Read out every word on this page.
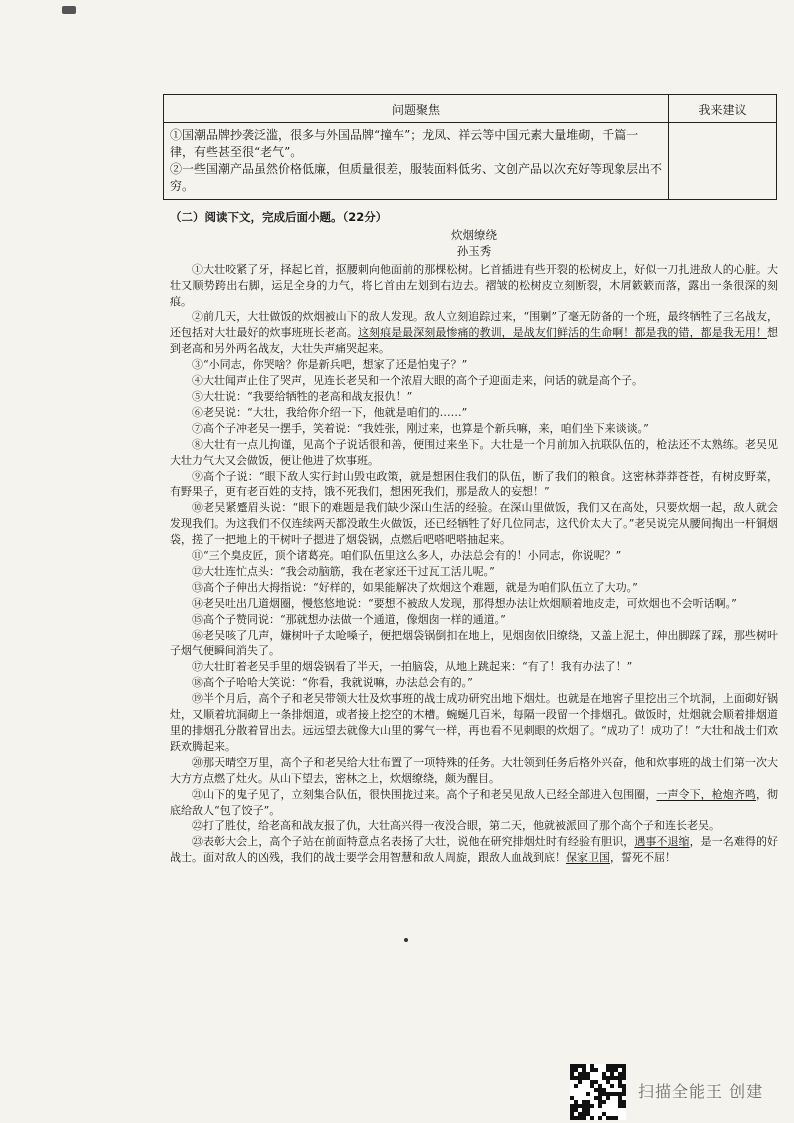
问题聚焦	我来建议

①国潮品牌抄袭泛滥，很多与外国品牌“撞车”；龙凤、祥云等中国元素大量堆砌，千篇一律，有些甚至很“老气”。
②一些国潮产品虽然价格低廉，但质量很差，服装面料低劣、文创产品以次充好等现象层出不穷。	

（二）阅读下文，完成后面小题。（22分）

炊烟缭绕

孙玉秀

①大壮咬紧了牙，择起匕首，抠腰刺向他面前的那棵松树。匕首插进有些开裂的松树皮上，好似一刀扎进敌人的心脏。大壮又顺势跨出右脚，运足全身的力气，将匕首由左划到右边去。褶皱的松树皮立刻断裂，木屑簌簌而落，露出一条很深的刻痕。

②前几天，大壮做饭的炊烟被山下的敌人发现。敌人立刻追踪过来，“围剿”了毫无防备的一个班，最终牺牲了三名战友，还包括对大壮最好的炊事班班长老高。这刻痕是最深刻最惨痛的教训，是战友们鲜活的生命啊！都是我的错，都是我无用！想到老高和另外两名战友，大壮失声痛哭起来。

③“小同志，你哭啥？你是新兵吧，想家了还是怕鬼子？”

④大壮闻声止住了哭声，见连长老吴和一个浓眉大眼的高个子迎面走来，问话的就是高个子。

⑤大壮说：“我要给牺牲的老高和战友报仇！”

⑥老吴说：“大壮，我给你介绍一下，他就是咱们的……”

⑦高个子冲老吴一摆手，笑着说：“我姓张，刚过来，也算是个新兵嘛，来，咱们坐下来谈谈。”

⑧大壮有一点儿拘谨，见高个子说话很和善，便围过来坐下。大壮是一个月前加入抗联队伍的，枪法还不太熟练。老吴见大壮力气大又会做饭，便让他进了炊事班。

⑨高个子说：“眼下敌人实行封山毁屯政策，就是想困住我们的队伍，断了我们的粮食。这密林莽莽苍苍，有树皮野菜，有野果子，更有老百姓的支持，饿不死我们，想困死我们，那是敌人的妄想！”

⑩老吴紧蹙眉头说：“眼下的难题是我们缺少深山生活的经验。在深山里做饭，我们又在高处，只要炊烟一起，敌人就会发现我们。为这我们不仅连续两天都没敢生火做饭，还已经牺牲了好几位同志，这代价太大了。”老吴说完从腰间掏出一杆铜烟袋，搓了一把地上的干树叶子摁进了烟袋锅，点燃后吧嗒吧嗒抽起来。

⑪“三个臭皮匠，顶个诸葛亮。咱们队伍里这么多人，办法总会有的！小同志，你说呢？”

⑫大壮连忙点头：“我会动脑筋，我在老家还干过瓦工活儿呢。”

⑬高个子伸出大拇指说：“好样的，如果能解决了炊烟这个难题，就是为咱们队伍立了大功。”

⑭老吴吐出几道烟圈，慢悠悠地说：“要想不被敌人发现，那得想办法让炊烟顺着地皮走，可炊烟也不会听话啊。”

⑮高个子赞同说：“那就想办法做一个通道，像烟囱一样的通道。”

⑯老吴咳了几声，嫌树叶子太呛嗓子，便把烟袋锅倒扣在地上，见烟囱依旧缭绕，又盖上泥土，伸出脚踩了踩，那些树叶子烟气便瞬间消失了。

⑰大壮盯着老吴手里的烟袋锅看了半天，一拍脑袋，从地上跳起来：“有了！我有办法了！”

⑱高个子哈哈大笑说：“你看，我就说嘛，办法总会有的。”

⑲半个月后，高个子和老吴带领大壮及炊事班的战士成功研究出地下烟灶。也就是在地窖子里挖出三个坑洞，上面砌好锅灶，又顺着坑洞砌上一条排烟道，或者接上挖空的木槽。蜿蜒几百米，每隔一段留一个排烟孔。做饭时，灶烟就会顺着排烟道里的排烟孔分散着冒出去。远远望去就像大山里的雾气一样，再也看不见刺眼的炊烟了。“成功了！成功了！”大壮和战士们欢跃欢腾起来。

⑳那天晴空万里，高个子和老吴给大壮布置了一项特殊的任务。大壮领到任务后格外兴奋，他和炊事班的战士们第一次大大方方点燃了灶火。从山下望去，密林之上，炊烟缭绕，颇为醒目。

㉑山下的鬼子见了，立刻集合队伍，很快围拢过来。高个子和老吴见敌人已经全部进入包围圈，一声令下，枪炮齐鸣，彻底给敌人“包了饺子”。

㉒打了胜仗，给老高和战友报了仇，大壮高兴得一夜没合眼，第二天，他就被派回了那个高个子和连长老吴。

㉓表彰大会上，高个子站在前面特意点名表扬了大壮，说他在研究排烟灶时有经验有胆识，遇事不退缩，是一名难得的好战士。面对敌人的凶残，我们的战士要学会用智慧和敌人周旋，跟敌人血战到底！保家卫国，誓死不屈！

扫描全能王 创建
